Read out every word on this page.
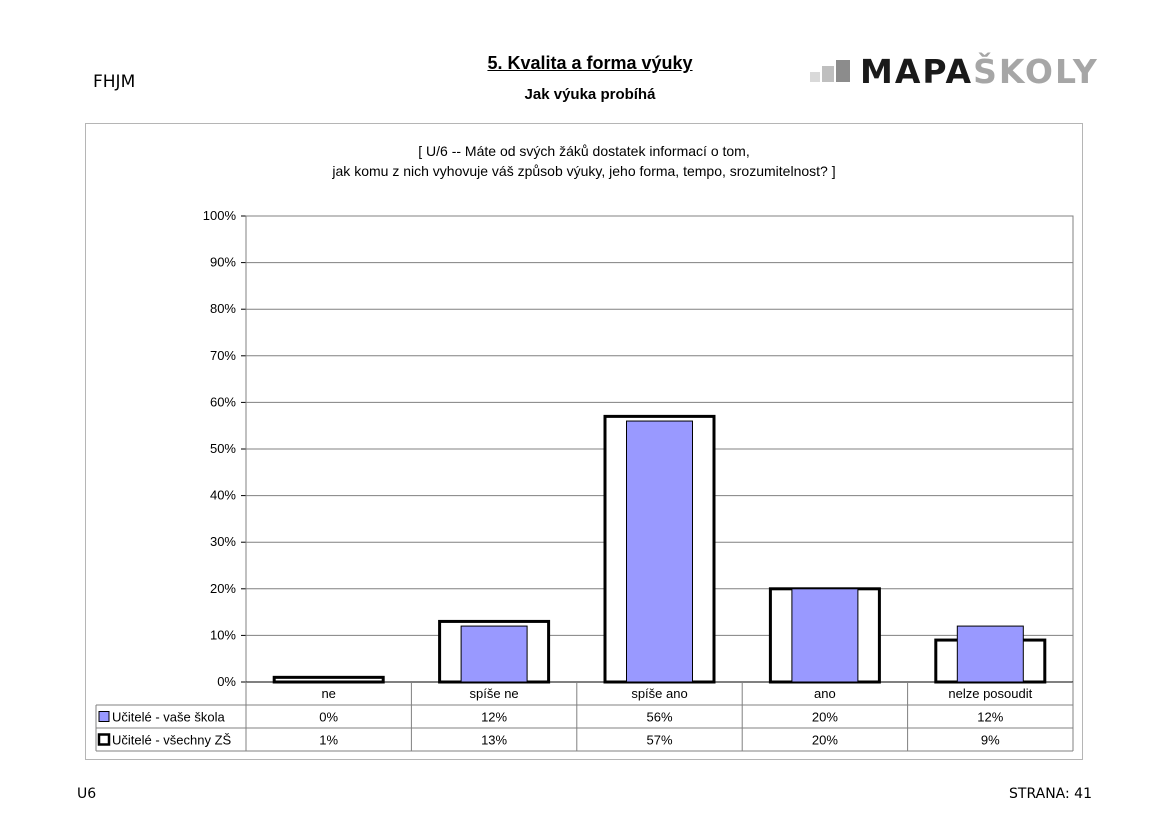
FHJM
5. Kvalita a forma výuky
Jak výuka probíhá
MAPAŠKOLY
[ U/6 -- Máte od svých žáků dostatek informací o tom,
jak komu z nich vyhovuje váš způsob výuky, jeho forma, tempo, srozumitelnost? ]
0%
10%
20%
30%
40%
50%
60%
70%
80%
90%
100%
ne	spíše ne	spíše ano	ano	nelze posoudit
Učitelé - vaše škola	0%	12%	56%	20%	12%
Učitelé - všechny ZŠ	1%	13%	57%	20%	9%
U6	STRANA: 41
